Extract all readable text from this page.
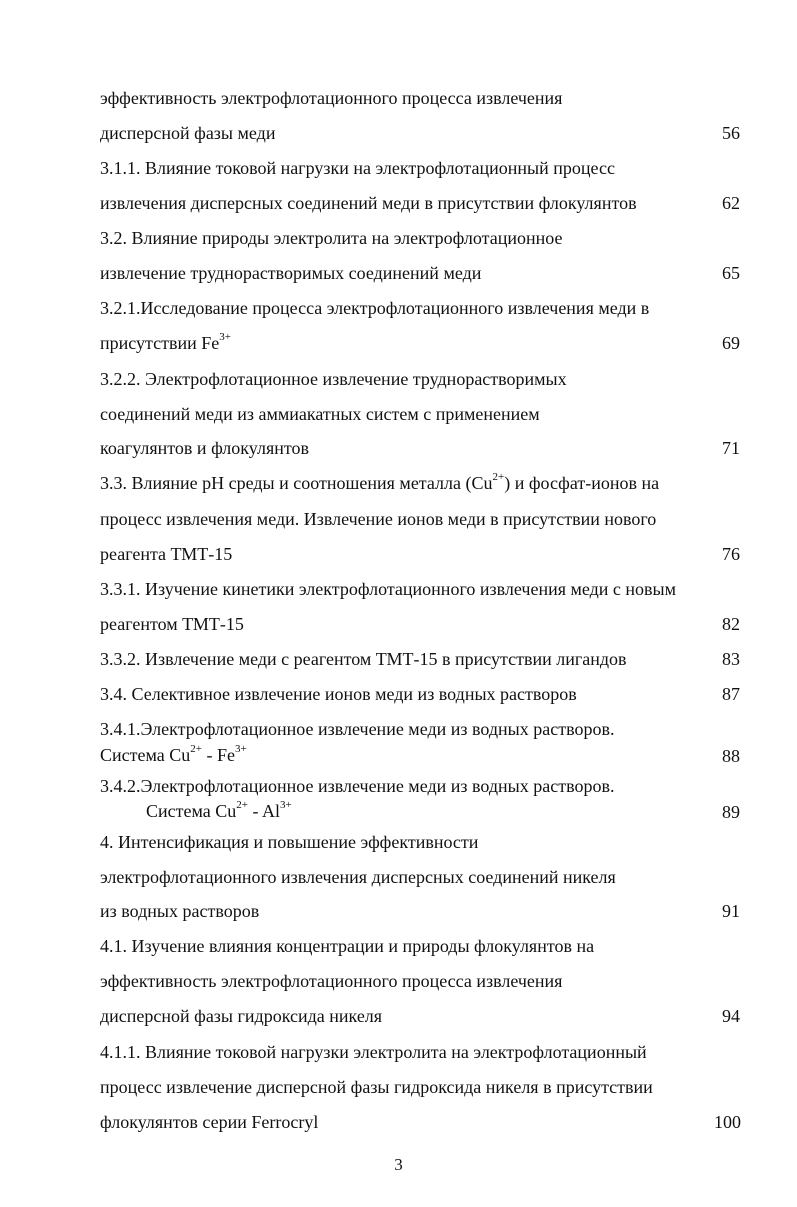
эффективность электрофлотационного процесса извлечения
дисперсной фазы меди	56
3.1.1. Влияние токовой нагрузки на электрофлотационный процесс
извлечения дисперсных соединений меди в присутствии флокулянтов	62
3.2. Влияние природы электролита на электрофлотационное
извлечение труднорастворимых соединений меди	65
3.2.1.Исследование процесса электрофлотационного извлечения меди в
присутствии $Fe^{3+}$	69
3.2.2. Электрофлотационное извлечение труднорастворимых
соединений меди из аммиакатных систем с применением
коагулянтов и флокулянтов	71
3.3. Влияние pH среды и соотношения металла $(Cu^{2+})$ и фосфат-ионов на
процесс извлечения меди. Извлечение ионов меди в присутствии нового
реагента ТМТ-15	76
3.3.1. Изучение кинетики электрофлотационного извлечения меди с новым
реагентом ТМТ-15	82
3.3.2. Извлечение меди с реагентом ТМТ-15 в присутствии лигандов	83
3.4. Селективное извлечение ионов меди из водных растворов	87
3.4.1.Электрофлотационное извлечение меди из водных растворов.
Система $Cu^{2+} - Fe^{3+}$	88
3.4.2.Электрофлотационное извлечение меди из водных растворов.
Система $Cu^{2+} - Al^{3+}$	89
4. Интенсификация и повышение эффективности
электрофлотационного извлечения дисперсных соединений никеля
из водных растворов	91
4.1. Изучение влияния концентрации и природы флокулянтов на
эффективность электрофлотационного процесса извлечения
дисперсной фазы гидроксида никеля	94
4.1.1. Влияние токовой нагрузки электролита на электрофлотационный
процесс извлечение дисперсной фазы гидроксида никеля в присутствии
флокулянтов серии Ferrocryl	100
3
